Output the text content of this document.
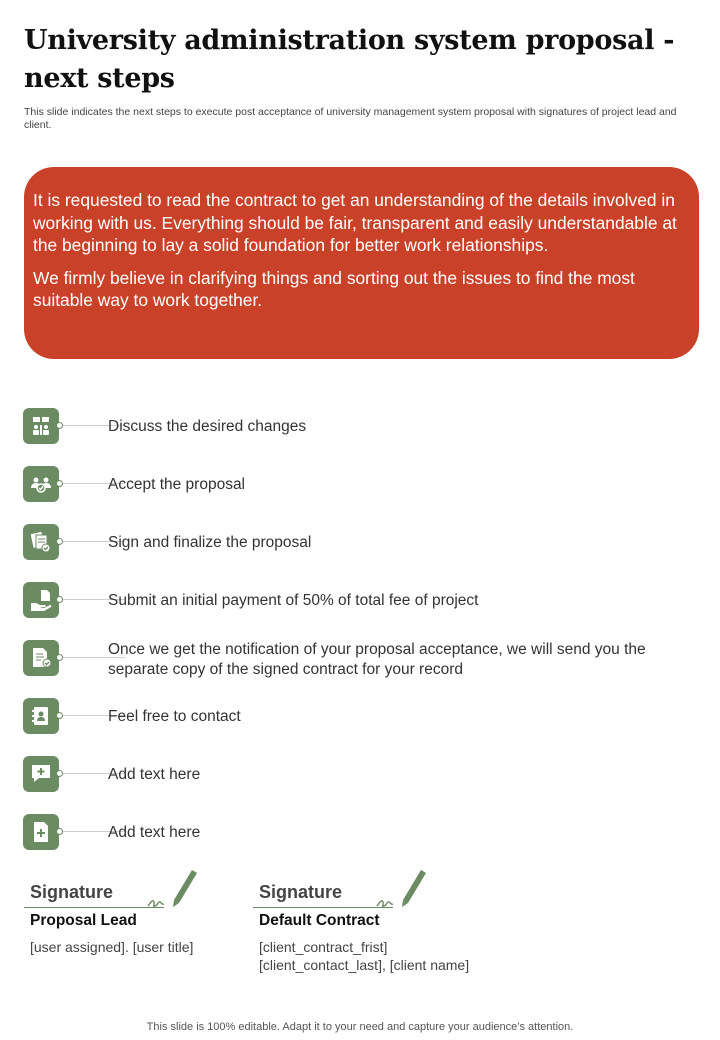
University administration system proposal - next steps

This slide indicates the next steps to execute post acceptance of university management system proposal with signatures of project lead and client.

It is requested to read the contract to get an understanding of the details involved in working with us. Everything should be fair, transparent and easily understandable at the beginning to lay a solid foundation for better work relationships.

We firmly believe in clarifying things and sorting out the issues to find the most suitable way to work together.

Discuss the desired changes
Accept the proposal
Sign and finalize the proposal
Submit an initial payment of 50% of total fee of project
Once we get the notification of your proposal acceptance, we will send you the separate copy of the signed contract for your record
Feel free to contact
Add text here
Add text here
Signature
Proposal Lead
[user assigned]. [user title]
Signature
Default Contract
[client_contract_frist]
[client_contact_last], [client name]
This slide is 100% editable. Adapt it to your need and capture your audience’s attention.
